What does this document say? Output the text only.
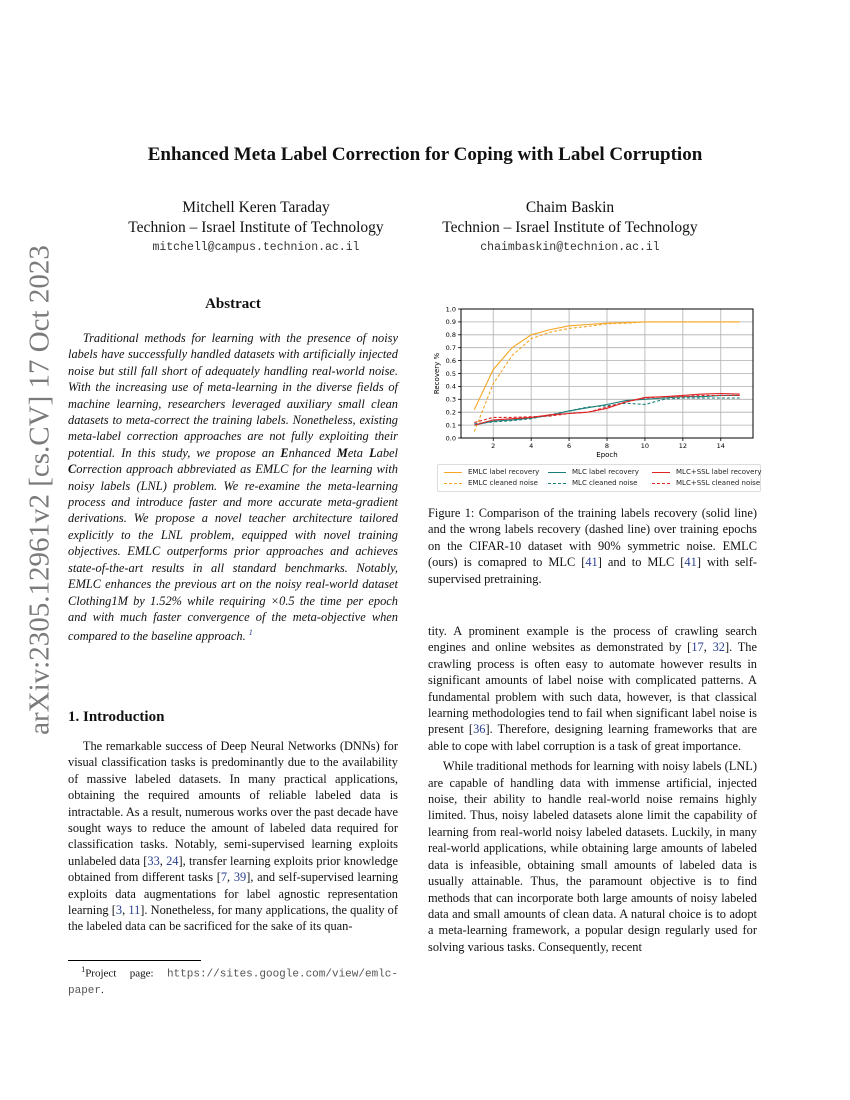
arXiv:2305.12961v2 [cs.CV] 17 Oct 2023
Enhanced Meta Label Correction for Coping with Label Corruption
Mitchell Keren Taraday
Technion – Israel Institute of Technology
mitchell@campus.technion.ac.il
Chaim Baskin
Technion – Israel Institute of Technology
chaimbaskin@technion.ac.il
Abstract

Traditional methods for learning with the presence of noisy labels have successfully handled datasets with artificially injected noise but still fall short of adequately handling real-world noise. With the increasing use of meta-learning in the diverse fields of machine learning, researchers leveraged auxiliary small clean datasets to meta-correct the training labels. Nonetheless, existing meta-label correction approaches are not fully exploiting their potential. In this study, we propose an Enhanced Meta Label Correction approach abbreviated as EMLC for the learning with noisy labels (LNL) problem. We re-examine the meta-learning process and introduce faster and more accurate meta-gradient derivations. We propose a novel teacher architecture tailored explicitly to the LNL problem, equipped with novel training objectives. EMLC outperforms prior approaches and achieves state-of-the-art results in all standard benchmarks. Notably, EMLC enhances the previous art on the noisy real-world dataset Clothing1M by 1.52% while requiring ×0.5 the time per epoch and with much faster convergence of the meta-objective when compared to the baseline approach. $^1$

1. Introduction

The remarkable success of Deep Neural Networks (DNNs) for visual classification tasks is predominantly due to the availability of massive labeled datasets. In many practical applications, obtaining the required amounts of reliable labeled data is intractable. As a result, numerous works over the past decade have sought ways to reduce the amount of labeled data required for classification tasks. Notably, semi-supervised learning exploits unlabeled data [33, 24], transfer learning exploits prior knowledge obtained from different tasks [7, 39], and self-supervised learning exploits data augmentations for label agnostic representation learning [3, 11]. Nonetheless, for many applications, the quality of the labeled data can be sacrificed for the sake of its quan-

$^1$Project page: https://sites.google.com/view/emlc-paper.
0.0
0.1
0.2
0.3
0.4
0.5
0.6
0.7
0.8
0.9
1.0
2	4	6	8	10	12	14
Epoch
Recovery %
EMLC label recovery
EMLC cleaned noise
MLC label recovery
MLC cleaned noise
MLC+SSL label recovery
MLC+SSL cleaned noise
Figure 1: Comparison of the training labels recovery (solid line) and the wrong labels recovery (dashed line) over training epochs on the CIFAR-10 dataset with 90% symmetric noise. EMLC (ours) is comapred to MLC [41] and to MLC [41] with self-supervised pretraining.

tity. A prominent example is the process of crawling search engines and online websites as demonstrated by [17, 32]. The crawling process is often easy to automate however results in significant amounts of label noise with complicated patterns. A fundamental problem with such data, however, is that classical learning methodologies tend to fail when significant label noise is present [36]. Therefore, designing learning frameworks that are able to cope with label corruption is a task of great importance.

While traditional methods for learning with noisy labels (LNL) are capable of handling data with immense artificial, injected noise, their ability to handle real-world noise remains highly limited. Thus, noisy labeled datasets alone limit the capability of learning from real-world noisy labeled datasets. Luckily, in many real-world applications, while obtaining large amounts of labeled data is infeasible, obtaining small amounts of labeled data is usually attainable. Thus, the paramount objective is to find methods that can incorporate both large amounts of noisy labeled data and small amounts of clean data. A natural choice is to adopt a meta-learning framework, a popular design regularly used for solving various tasks. Consequently, recent
